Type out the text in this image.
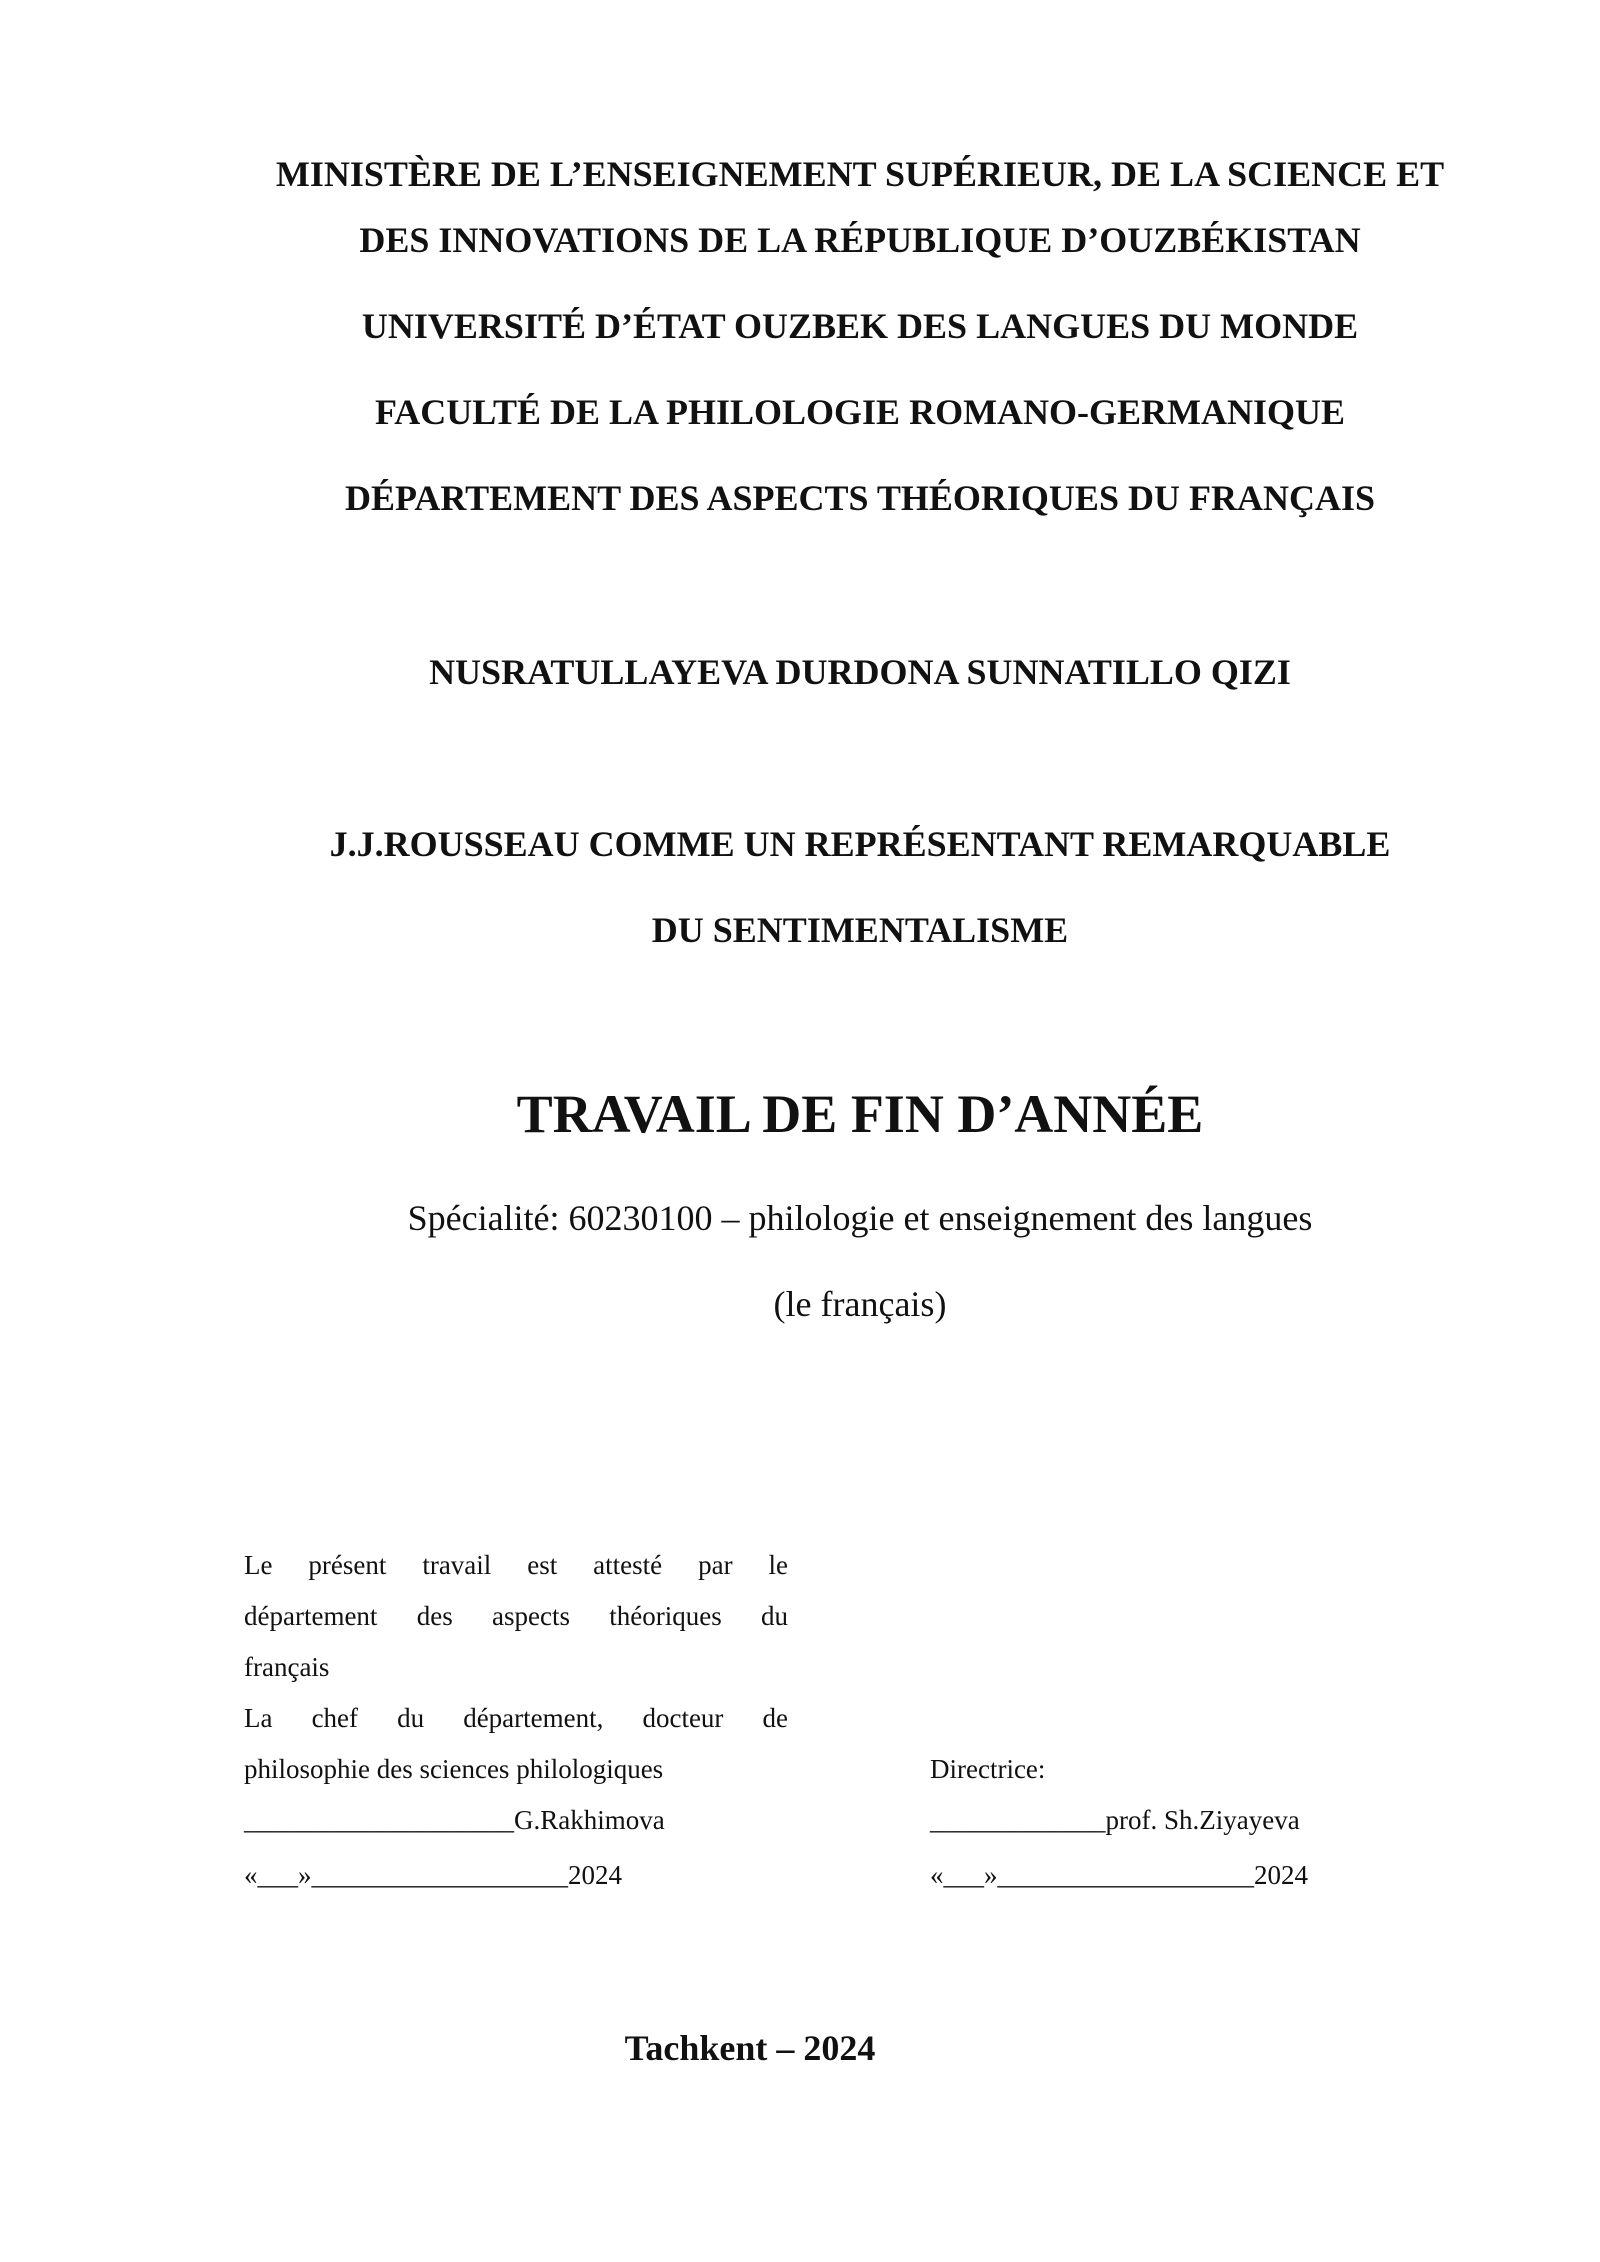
MINISTÈRE DE L’ENSEIGNEMENT SUPÉRIEUR, DE LA SCIENCE ET
DES INNOVATIONS DE LA RÉPUBLIQUE D’OUZBÉKISTAN
UNIVERSITÉ D’ÉTAT OUZBEK DES LANGUES DU MONDE
FACULTÉ DE LA PHILOLOGIE ROMANO-GERMANIQUE
DÉPARTEMENT DES ASPECTS THÉORIQUES DU FRANÇAIS
NUSRATULLAYEVA DURDONA SUNNATILLO QIZI
J.J.ROUSSEAU COMME UN REPRÉSENTANT REMARQUABLE
DU SENTIMENTALISME
TRAVAIL DE FIN D’ANNÉE
Spécialité: 60230100 – philologie et enseignement des langues
(le français)
Le présent travail est attesté par le
département des aspects théoriques du
français
La chef du département, docteur de
philosophie des sciences philologiques
____________________G.Rakhimova
«___»___________________2024
Directrice:
_____________prof. Sh.Ziyayeva
«___»___________________2024
Tachkent – 2024
